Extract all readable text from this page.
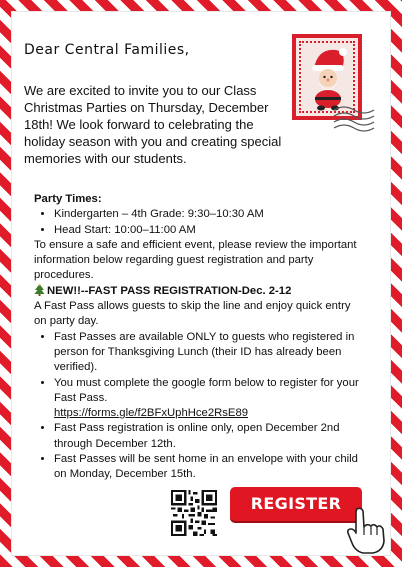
Dear Central Families,
We are excited to invite you to our Class Christmas Parties on Thursday, December 18th! We look forward to celebrating the holiday season with you and creating special memories with our students.

Party Times:

• Kindergarten – 4th Grade: 9:30–10:30 AM
• Head Start: 10:00–11:00 AM

To ensure a safe and efficient event, please review the important information below regarding guest registration and party procedures.

NEW!!--FAST PASS REGISTRATION-Dec. 2-12

A Fast Pass allows guests to skip the line and enjoy quick entry on party day.

• Fast Passes are available ONLY to guests who registered in person for Thanksgiving Lunch (their ID has already been verified).
• You must complete the google form below to register for your Fast Pass.
https://forms.gle/f2BFxUphHce2RsE89
• Fast Pass registration is online only, open December 2nd through December 12th.
• Fast Passes will be sent home in an envelope with your child on Monday, December 15th.
REGISTER NOW
